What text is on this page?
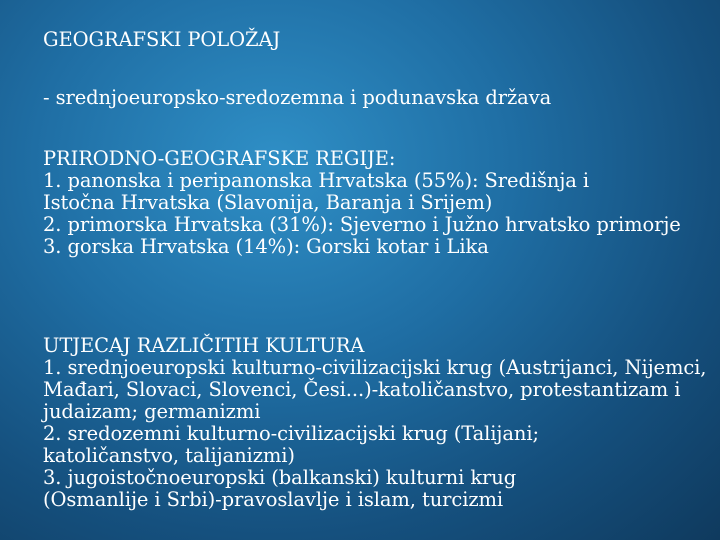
GEOGRAFSKI POLOŽAJ
- srednjoeuropsko-sredozemna i podunavska država

PRIRODNO-GEOGRAFSKE REGIJE:

1. panonska i peripanonska Hrvatska (55%): Središnja i Istočna Hrvatska (Slavonija, Baranja i Srijem)

2. primorska Hrvatska (31%): Sjeverno i Južno hrvatsko primorje

3. gorska Hrvatska (14%): Gorski kotar i Lika

UTJECAJ RAZLIČITIH KULTURA

1. srednjoeuropski kulturno-civilizacijski krug (Austrijanci, Nijemci, Mađari, Slovaci, Slovenci, Česi...)-katoličanstvo, protestantizam i judaizam; germanizmi

2. sredozemni kulturno-civilizacijski krug (Talijani; katoličanstvo, talijanizmi)

3. jugoistočnoeuropski (balkanski) kulturni krug (Osmanlije i Srbi)-pravoslavlje i islam, turcizmi
